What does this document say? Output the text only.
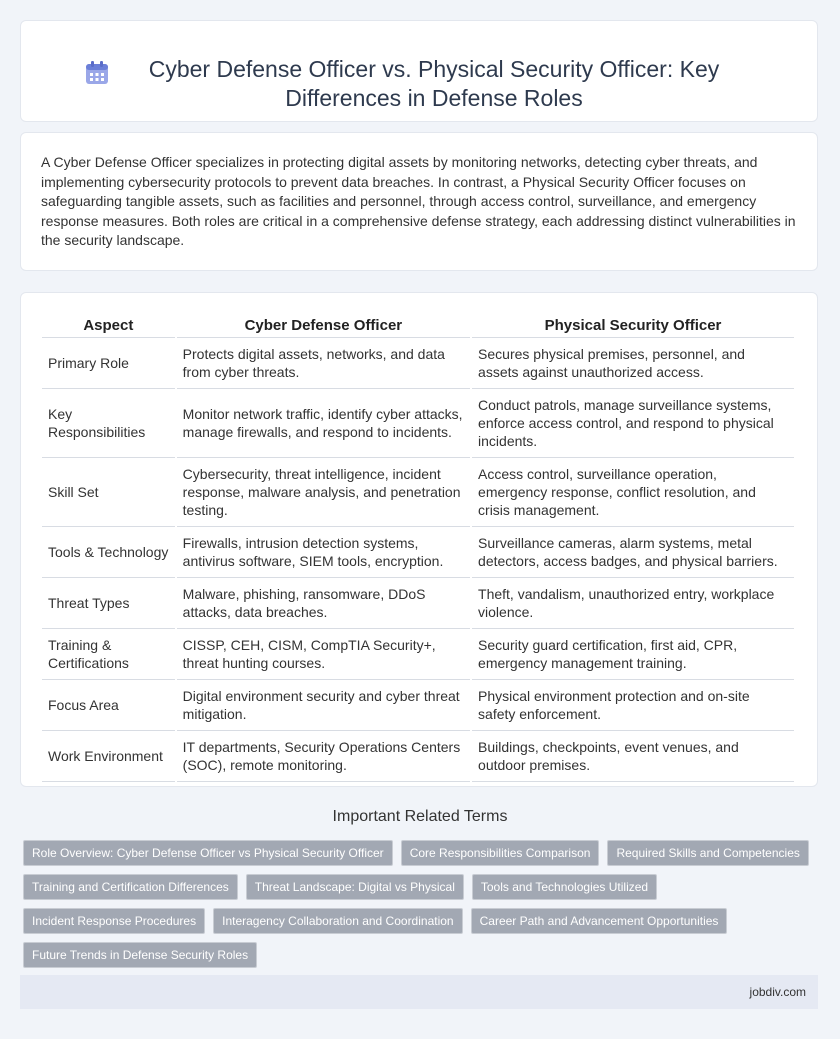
Cyber Defense Officer vs. Physical Security Officer: Key Differences in Defense Roles

A Cyber Defense Officer specializes in protecting digital assets by monitoring networks, detecting cyber threats, and implementing cybersecurity protocols to prevent data breaches. In contrast, a Physical Security Officer focuses on safeguarding tangible assets, such as facilities and personnel, through access control, surveillance, and emergency response measures. Both roles are critical in a comprehensive defense strategy, each addressing distinct vulnerabilities in the security landscape.

Aspect	Cyber Defense Officer	Physical Security Officer
Primary Role	Protects digital assets, networks, and data from cyber threats.	Secures physical premises, personnel, and assets against unauthorized access.
Key Responsibilities	Monitor network traffic, identify cyber attacks, manage firewalls, and respond to incidents.	Conduct patrols, manage surveillance systems, enforce access control, and respond to physical incidents.
Skill Set	Cybersecurity, threat intelligence, incident response, malware analysis, and penetration testing.	Access control, surveillance operation, emergency response, conflict resolution, and crisis management.
Tools & Technology	Firewalls, intrusion detection systems, antivirus software, SIEM tools, encryption.	Surveillance cameras, alarm systems, metal detectors, access badges, and physical barriers.
Threat Types	Malware, phishing, ransomware, DDoS attacks, data breaches.	Theft, vandalism, unauthorized entry, workplace violence.
Training & Certifications	CISSP, CEH, CISM, CompTIA Security+, threat hunting courses.	Security guard certification, first aid, CPR, emergency management training.
Focus Area	Digital environment security and cyber threat mitigation.	Physical environment protection and on-site safety enforcement.
Work Environment	IT departments, Security Operations Centers (SOC), remote monitoring.	Buildings, checkpoints, event venues, and outdoor premises.
Important Related Terms
Role Overview: Cyber Defense Officer vs Physical Security Officer	Core Responsibilities Comparison	Required Skills and Competencies
Training and Certification Differences	Threat Landscape: Digital vs Physical	Tools and Technologies Utilized
Incident Response Procedures	Interagency Collaboration and Coordination	Career Path and Advancement Opportunities
Future Trends in Defense Security Roles
jobdiv.com
